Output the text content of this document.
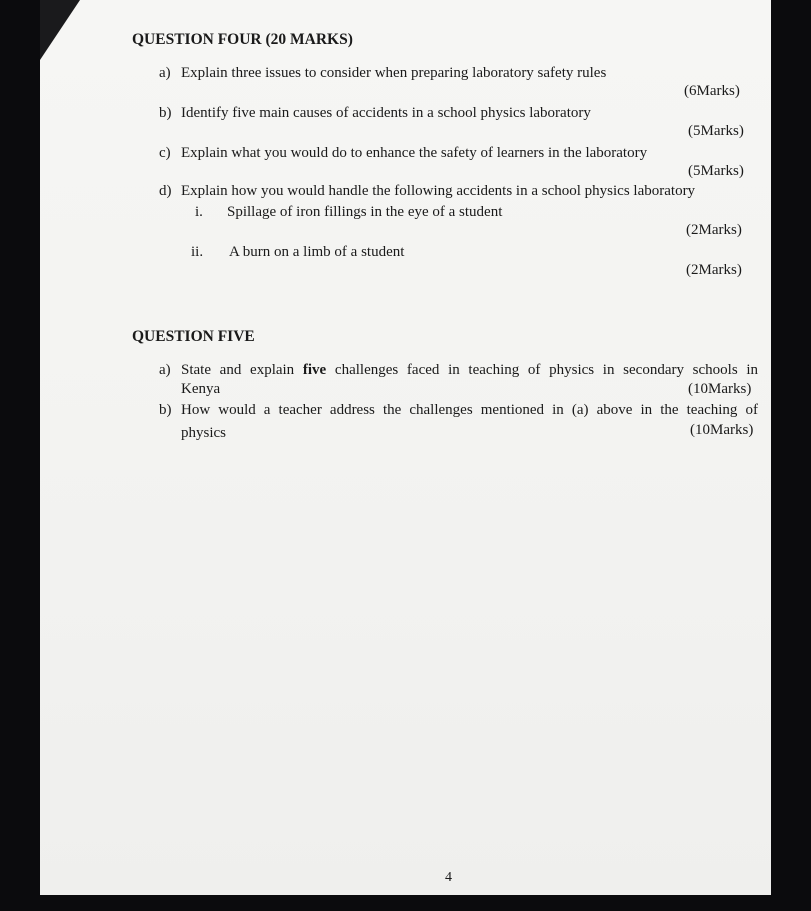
QUESTION FOUR (20 MARKS)
a) Explain three issues to consider when preparing laboratory safety rules
(6Marks)
b) Identify five main causes of accidents in a school physics laboratory
(5Marks)
c) Explain what you would do to enhance the safety of learners in the laboratory
(5Marks)
d) Explain how you would handle the following accidents in a school physics laboratory
i. Spillage of iron fillings in the eye of a student
(2Marks)
ii. A burn on a limb of a student
(2Marks)
QUESTION FIVE
a) State and explain five challenges faced in teaching of physics in secondary schools in
Kenya	(10Marks)
b) How would a teacher address the challenges mentioned in (a) above in the teaching of
physics	(10Marks)
4
